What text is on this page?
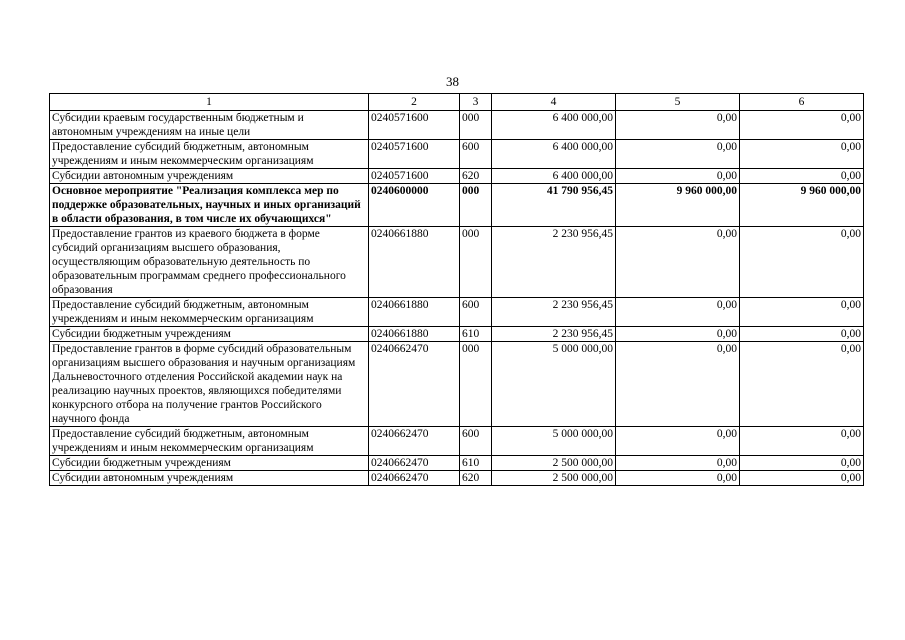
38
1	2	3	4	5	6
Субсидии краевым государственным бюджетным и автономным учреждениям на иные цели	0240571600	000	6 400 000,00	0,00	0,00
Предоставление субсидий бюджетным, автономным учреждениям и иным некоммерческим организациям	0240571600	600	6 400 000,00	0,00	0,00
Субсидии автономным учреждениям	0240571600	620	6 400 000,00	0,00	0,00
Основное мероприятие "Реализация комплекса мер по поддержке образовательных, научных и иных организаций в области образования, в том числе их обучающихся"	0240600000	000	41 790 956,45	9 960 000,00	9 960 000,00
Предоставление грантов из краевого бюджета в форме субсидий организациям высшего образования, осуществляющим образовательную деятельность по образовательным программам среднего профессионального образования	0240661880	000	2 230 956,45	0,00	0,00
Предоставление субсидий бюджетным, автономным учреждениям и иным некоммерческим организациям	0240661880	600	2 230 956,45	0,00	0,00
Субсидии бюджетным учреждениям	0240661880	610	2 230 956,45	0,00	0,00
Предоставление грантов в форме субсидий образовательным организациям высшего образования и научным организациям Дальневосточного отделения Российской академии наук на реализацию научных проектов, являющихся победителями конкурсного отбора на получение грантов Российского научного фонда	0240662470	000	5 000 000,00	0,00	0,00
Предоставление субсидий бюджетным, автономным учреждениям и иным некоммерческим организациям	0240662470	600	5 000 000,00	0,00	0,00
Субсидии бюджетным учреждениям	0240662470	610	2 500 000,00	0,00	0,00
Субсидии автономным учреждениям	0240662470	620	2 500 000,00	0,00	0,00
